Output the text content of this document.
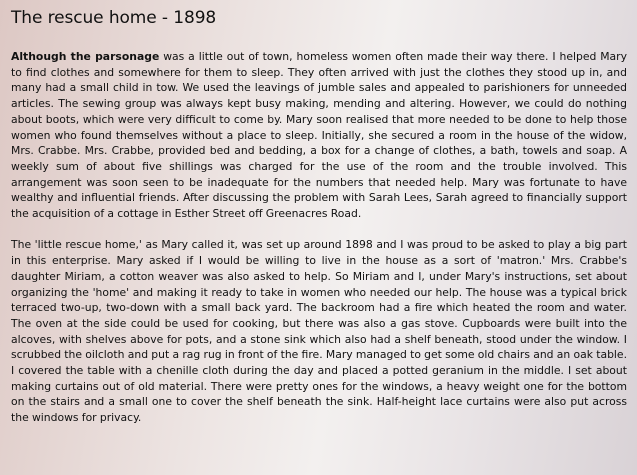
The rescue home - 1898

Although the parsonage was a little out of town, homeless women often made their way there. I helped Mary to find clothes and somewhere for them to sleep. They often arrived with just the clothes they stood up in, and many had a small child in tow. We used the leavings of jumble sales and appealed to parishioners for unneeded articles. The sewing group was always kept busy making, mending and altering. However, we could do nothing about boots, which were very difficult to come by. Mary soon realised that more needed to be done to help those women who found themselves without a place to sleep. Initially, she secured a room in the house of the widow, Mrs. Crabbe. Mrs. Crabbe, provided bed and bedding, a box for a change of clothes, a bath, towels and soap. A weekly sum of about five shillings was charged for the use of the room and the trouble involved. This arrangement was soon seen to be inadequate for the numbers that needed help. Mary was fortunate to have wealthy and influential friends. After discussing the problem with Sarah Lees, Sarah agreed to financially support the acquisition of a cottage in Esther Street off Greenacres Road.

The 'little rescue home,' as Mary called it, was set up around 1898 and I was proud to be asked to play a big part in this enterprise. Mary asked if I would be willing to live in the house as a sort of 'matron.' Mrs. Crabbe's daughter Miriam, a cotton weaver was also asked to help. So Miriam and I, under Mary's instructions, set about organizing the 'home' and making it ready to take in women who needed our help. The house was a typical brick terraced two-up, two-down with a small back yard. The backroom had a fire which heated the room and water. The oven at the side could be used for cooking, but there was also a gas stove. Cupboards were built into the alcoves, with shelves above for pots, and a stone sink which also had a shelf beneath, stood under the window. I scrubbed the oilcloth and put a rag rug in front of the fire. Mary managed to get some old chairs and an oak table. I covered the table with a chenille cloth during the day and placed a potted geranium in the middle. I set about making curtains out of old material. There were pretty ones for the windows, a heavy weight one for the bottom on the stairs and a small one to cover the shelf beneath the sink. Half-height lace curtains were also put across the windows for privacy.
